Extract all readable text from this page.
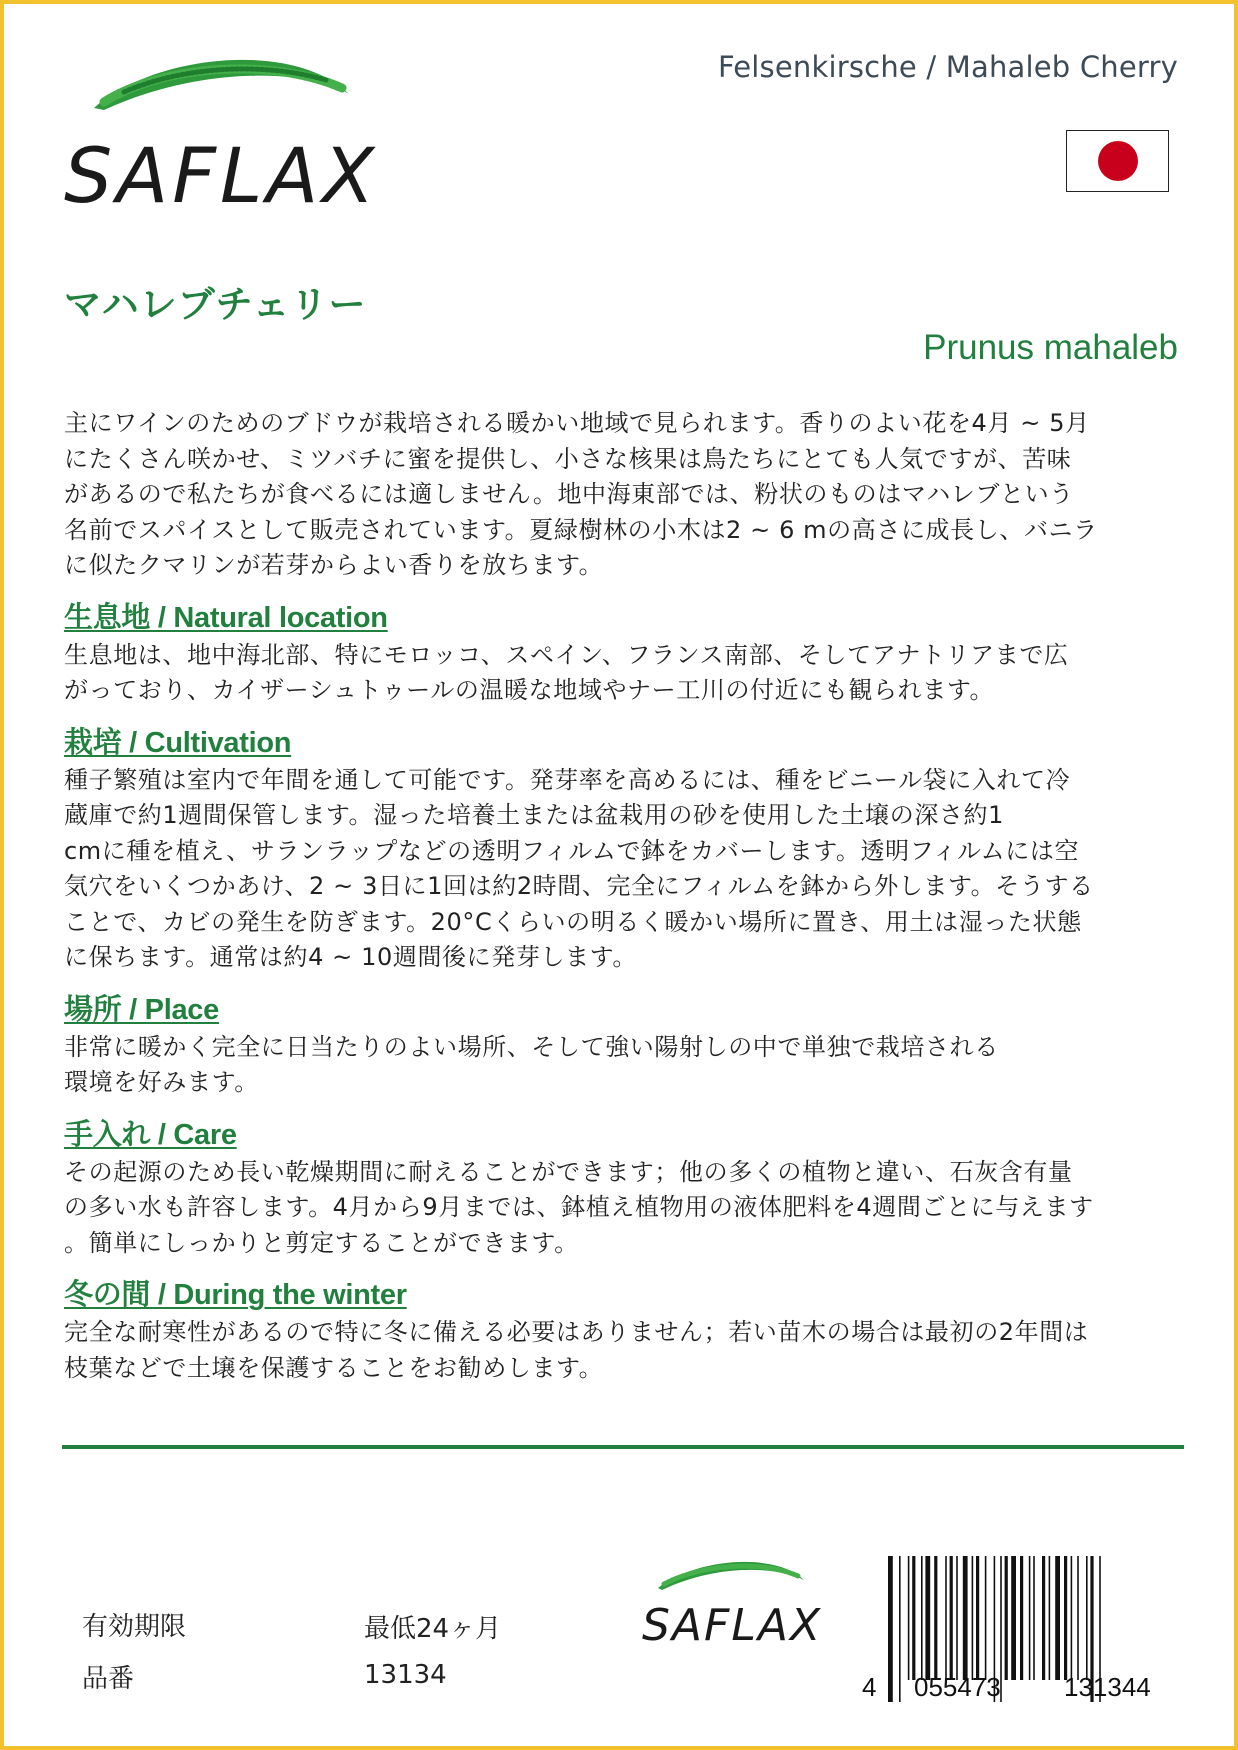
SAFLAX
Felsenkirsche / Mahaleb Cherry
マハレブチェリー
Prunus mahaleb

主にワインのためのブドウが栽培される暖かい地域で見られます。香りのよい花を4月 ~ 5月
にたくさん咲かせ、ミツバチに蜜を提供し、小さな核果は鳥たちにとても人気ですが、苦味
があるので私たちが食べるには適しません。地中海東部では、粉状のものはマハレブという
名前でスパイスとして販売されています。夏緑樹林の小木は2 ~ 6 mの高さに成長し、バニラ
に似たクマリンが若芽からよい香りを放ちます。

生息地 / Natural location

生息地は、地中海北部、特にモロッコ、スペイン、フランス南部、そしてアナトリアまで広
がっており、カイザーシュトゥールの温暖な地域やナー工川の付近にも観られます。

栽培 / Cultivation

種子繁殖は室内で年間を通して可能です。発芽率を高めるには、種をビニール袋に入れて冷
蔵庫で約1週間保管します。湿った培養土または盆栽用の砂を使用した土壌の深さ約1
cmに種を植え、サランラップなどの透明フィルムで鉢をカバーします。透明フィルムには空
気穴をいくつかあけ、2 ~ 3日に1回は約2時間、完全にフィルムを鉢から外します。そうする
ことで、カビの発生を防ぎます。20°Cくらいの明るく暖かい場所に置き、用土は湿った状態
に保ちます。通常は約4 ~ 10週間後に発芽します。

場所 / Place

非常に暖かく完全に日当たりのよい場所、そして強い陽射しの中で単独で栽培される
環境を好みます。

手入れ / Care

その起源のため長い乾燥期間に耐えることができます；他の多くの植物と違い、石灰含有量
の多い水も許容します。4月から9月までは、鉢植え植物用の液体肥料を4週間ごとに与えます
。簡単にしっかりと剪定することができます。

冬の間 / During the winter

完全な耐寒性があるので特に冬に備える必要はありません；若い苗木の場合は最初の2年間は
枝葉などで土壌を保護することをお勧めします。

有効期限	最低24ヶ月
品番	13134
SAFLAX
4 055473 131344
